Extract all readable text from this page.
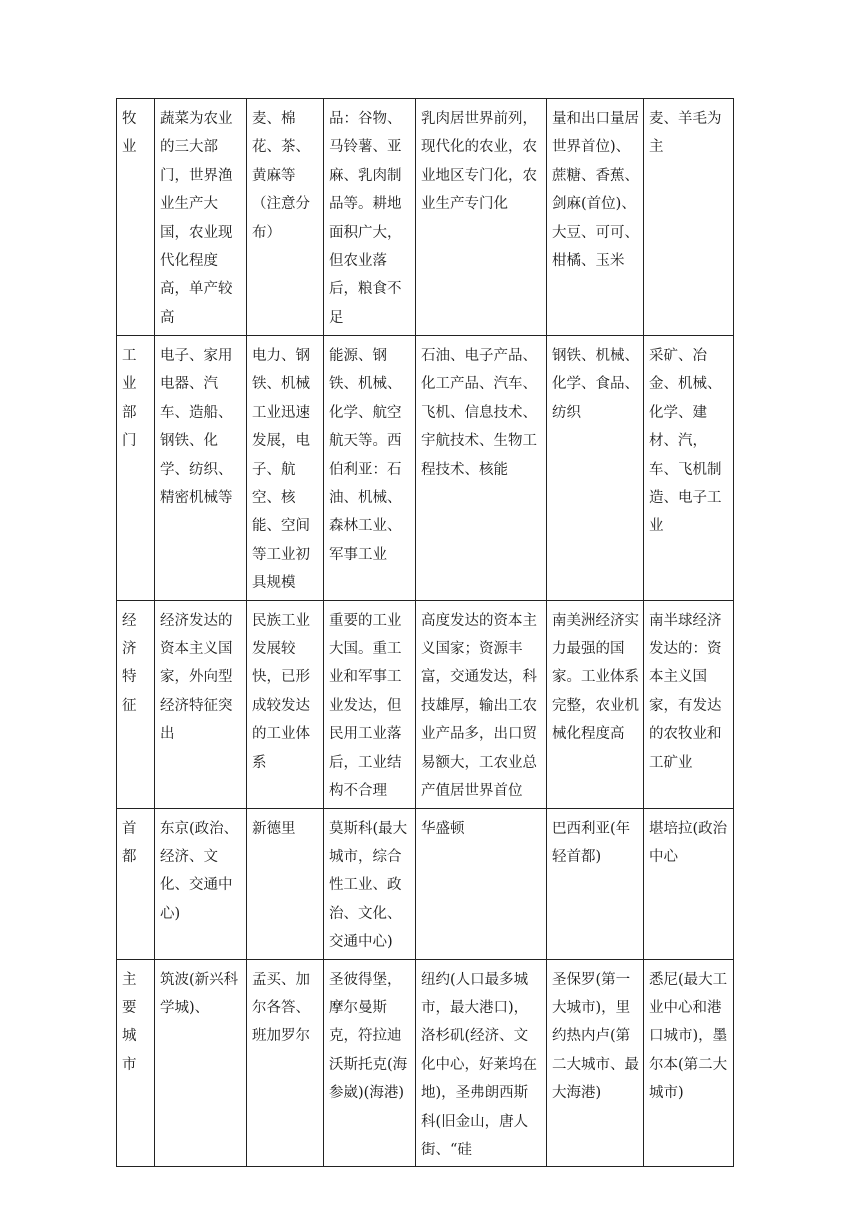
牧业	蔬菜为农业的三大部门，世界渔业生产大国，农业现代化程度高，单产较高	麦、棉花、茶、黄麻等（注意分布）	品：谷物、马铃薯、亚麻、乳肉制品等。耕地面积广大，但农业落后，粮食不足	乳肉居世界前列，现代化的农业，农业地区专门化，农业生产专门化	量和出口量居世界首位)、蔗糖、香蕉、剑麻(首位)、大豆、可可、柑橘、玉米	麦、羊毛为主

工业部门	电子、家用电器、汽车、造船、钢铁、化学、纺织、精密机械等	电力、钢铁、机械工业迅速发展，电子、航空、核能、空间等工业初具规模	能源、钢铁、机械、化学、航空航天等。西伯利亚：石油、机械、森林工业、军事工业	石油、电子产品、化工产品、汽车、飞机、信息技术、宇航技术、生物工程技术、核能	钢铁、机械、化学、食品、纺织	采矿、冶金、机械、化学、建材、汽，车、飞机制造、电子工业

经济特征	经济发达的资本主义国家，外向型经济特征突出	民族工业发展较快，已形成较发达的工业体系	重要的工业大国。重工业和军事工业发达，但民用工业落后，工业结构不合理	高度发达的资本主义国家；资源丰富，交通发达，科技雄厚，输出工农业产品多，出口贸易额大，工农业总产值居世界首位	南美洲经济实力最强的国家。工业体系完整，农业机械化程度高	南半球经济发达的：资本主义国家，有发达的农牧业和工矿业

首都	东京(政治、经济、文化、交通中心)	新德里	莫斯科(最大城市，综合性工业、政治、文化、交通中心)	华盛顿	巴西利亚(年轻首都)	堪培拉(政治中心

主要城市	筑波(新兴科学城)、	孟买、加尔各答、班加罗尔	圣彼得堡，摩尔曼斯克，符拉迪沃斯托克(海参崴)(海港)	纽约(人口最多城市，最大港口)，洛杉矶(经济、文化中心，好莱坞在地)，圣弗朗西斯科(旧金山，唐人街、“硅	圣保罗(第一大城市)，里约热内卢(第二大城市、最大海港)	悉尼(最大工业中心和港口城市)，墨尔本(第二大城市)
